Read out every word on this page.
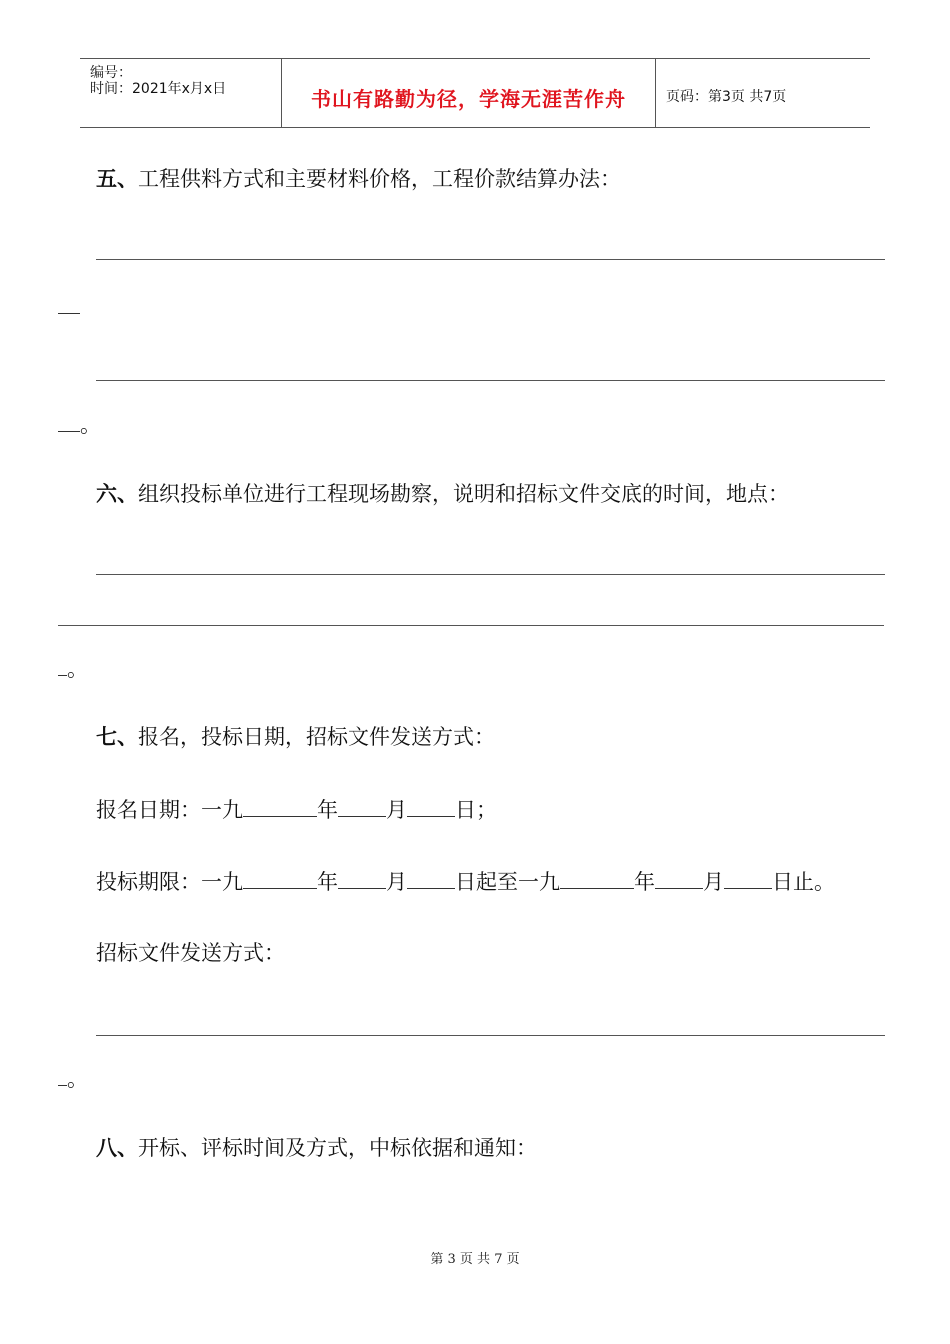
编号：
时间：2021年x月x日	书山有路勤为径，学海无涯苦作舟	页码：第3页 共7页
五、工程供料方式和主要材料价格，工程价款结算办法：
。
六、组织投标单位进行工程现场勘察，说明和招标文件交底的时间，地点：
。
七、报名，投标日期，招标文件发送方式：
报名日期：一九	年 月 日；
投标期限：一九	年 月 日起至一九	年 月 日止。
招标文件发送方式：
。
八、开标、评标时间及方式，中标依据和通知：
第 3 页 共 7 页
